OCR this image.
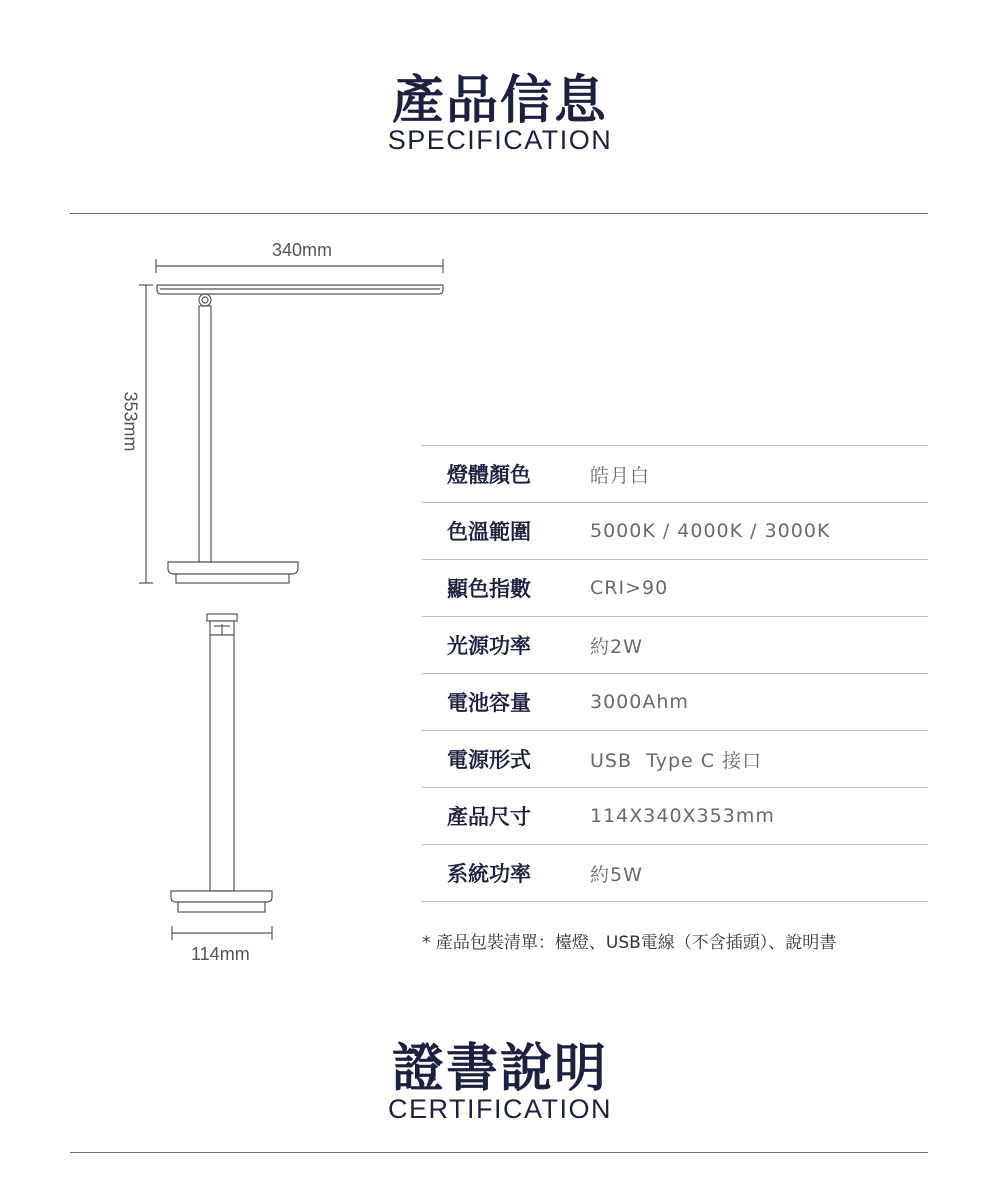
產品信息
SPECIFICATION
340mm
353mm
114mm
燈體顏色	皓月白
色溫範圍	5000K / 4000K / 3000K
顯色指數	CRI>90
光源功率	約2W
電池容量	3000Ahm
電源形式	USB  Type C 接口
產品尺寸	114X340X353mm
系統功率	約5W
* 產品包裝清單：檯燈、USB電線（不含插頭）、說明書
證書說明
CERTIFICATION
